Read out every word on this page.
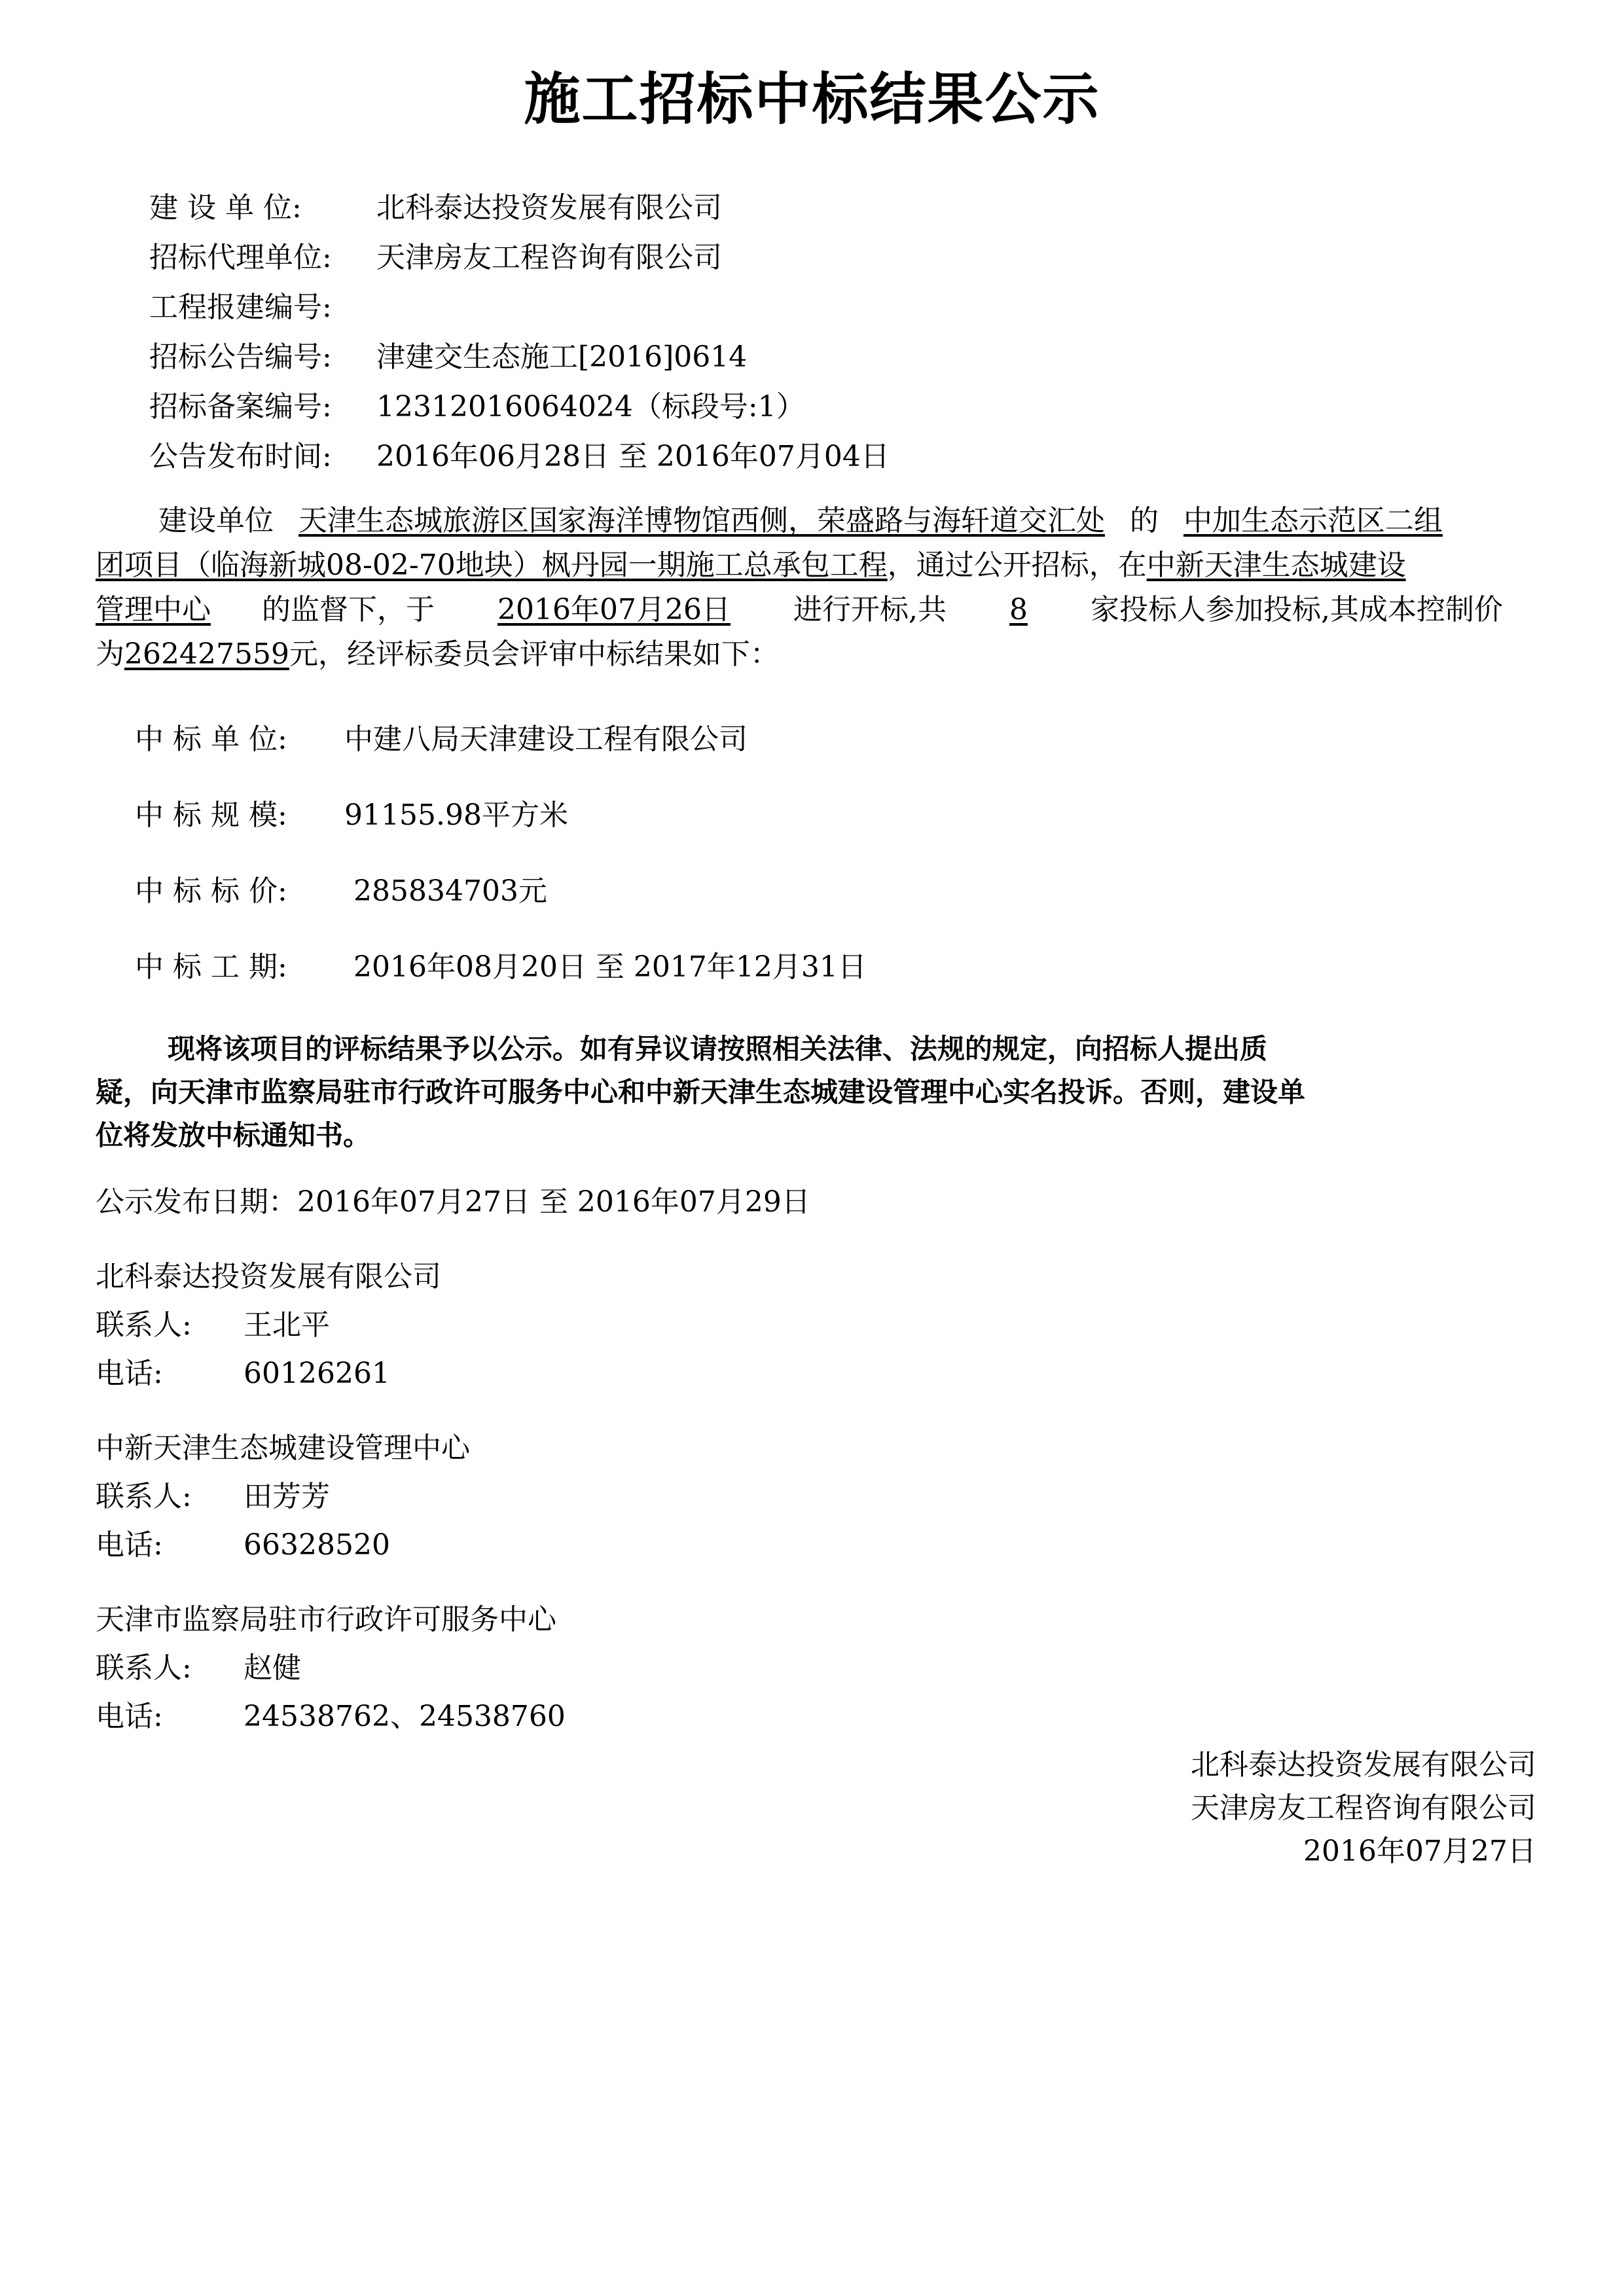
施工招标中标结果公示
建 设 单 位:	北科泰达投资发展有限公司
招标代理单位: 天津房友工程咨询有限公司
工程报建编号:
招标公告编号: 津建交生态施工[2016]0614
招标备案编号: 12312016064024（标段号:1）
公告发布时间: 2016年06月28日 至 2016年07月04日
建设单位 天津生态城旅游区国家海洋博物馆西侧，荣盛路与海轩道交汇处 的 中加生态示范区二组
团项目（临海新城08-02-70地块）枫丹园一期施工总承包工程，通过公开招标，在中新天津生态城建设
管理中心 的监督下，于 2016年07月26日 进行开标,共 8 家投标人参加投标,其成本控制价
为262427559元，经评标委员会评审中标结果如下：
中 标 单 位: 中建八局天津建设工程有限公司
中 标 规 模: 91155.98平方米
中 标 标 价: 285834703元
中 标 工 期: 2016年08月20日 至 2017年12月31日
现将该项目的评标结果予以公示。如有异议请按照相关法律、法规的规定，向招标人提出质
疑，向天津市监察局驻市行政许可服务中心和中新天津生态城建设管理中心实名投诉。否则，建设单
位将发放中标通知书。
公示发布日期：2016年07月27日 至 2016年07月29日
北科泰达投资发展有限公司
联系人: 王北平
电话:	60126261
中新天津生态城建设管理中心
联系人: 田芳芳
电话:	66328520
天津市监察局驻市行政许可服务中心
联系人: 赵健
电话:	24538762、24538760
北科泰达投资发展有限公司
天津房友工程咨询有限公司
2016年07月27日
